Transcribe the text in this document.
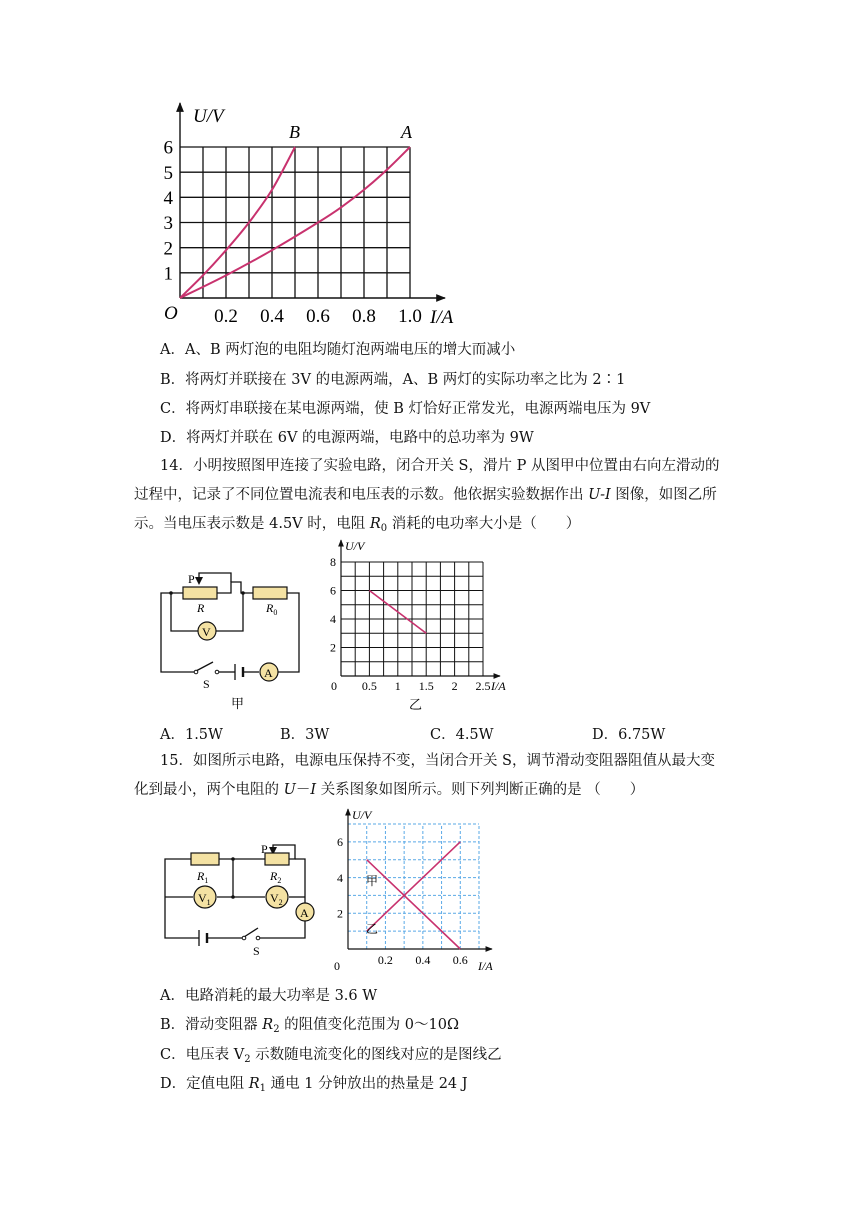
0.2 0.4 0.6 0.8 1.0
1
2
3
4
5
6
U/V
I/A
O
B	A
A．A、B 两灯泡的电阻均随灯泡两端电压的增大而减小
B．将两灯并联接在 3V 的电源两端，A、B 两灯的实际功率之比为 2∶1
C．将两灯串联接在某电源两端，使 B 灯恰好正常发光，电源两端电压为 9V
D．将两灯并联在 6V 的电源两端，电路中的总功率为 9W
14．小明按照图甲连接了实验电路，闭合开关 S，滑片 P 从图甲中位置由右向左滑动的
过程中，记录了不同位置电流表和电压表的示数。他依据实验数据作出 U-I 图像，如图乙所
示。当电压表示数是 4.5V 时，电阻 $R_0$ 消耗的电功率大小是（　　）
V
A
P
R	$R_0$
S
甲
0.5 1 1.5 2 2.5
2
4
6
8
U/V
I/A
0
乙
A．1.5W	B．3W	C．4.5W	D．6.75W
15．如图所示电路，电源电压保持不变，当闭合开关 S，调节滑动变阻器阻值从最大变
化到最小，两个电阻的 U－I 关系图象如图所示。则下列判断正确的是 （　　）
$V_1$	$V_2$
A
P
$R_1$	$R_2$
S
0.2 0.4 0.6
2
4
6
U/V
I/A
0
甲
乙
A．电路消耗的最大功率是 3.6 W
B．滑动变阻器 $R_2$ 的阻值变化范围为 0～10Ω
C．电压表 $V_2$ 示数随电流变化的图线对应的是图线乙
D．定值电阻 $R_1$ 通电 1 分钟放出的热量是 24 J
